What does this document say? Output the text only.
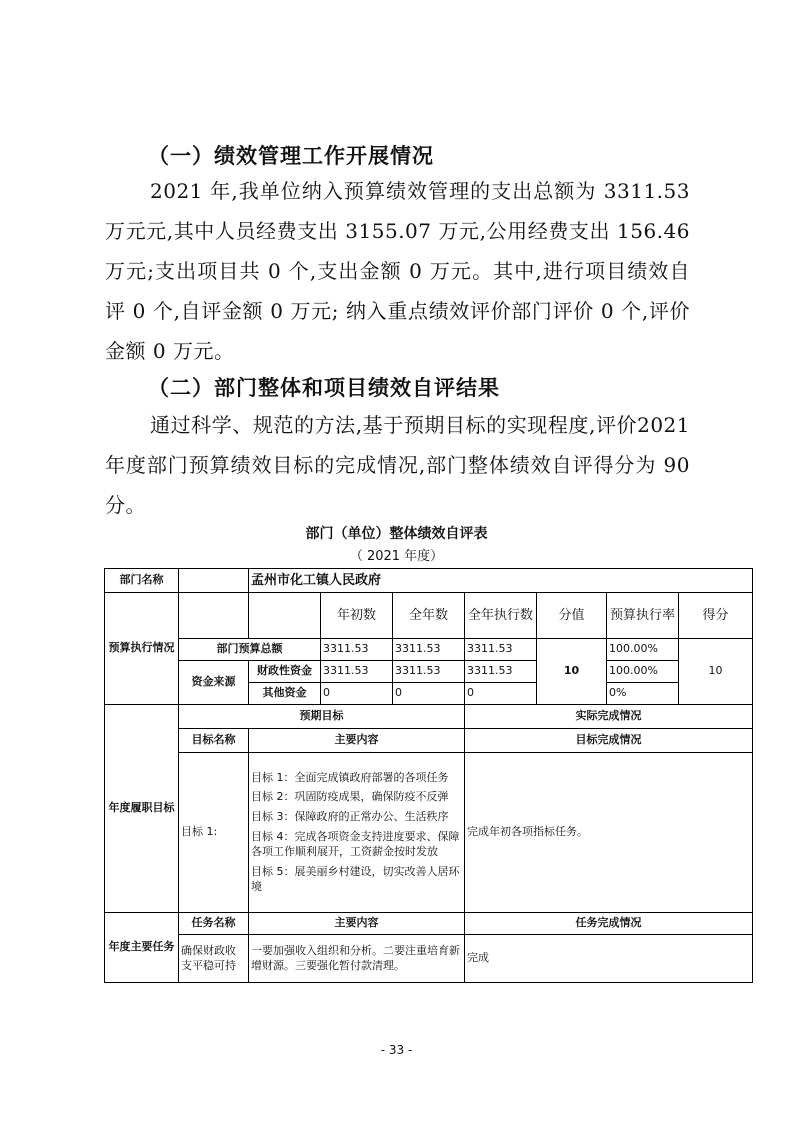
（一）绩效管理工作开展情况
2021 年,我单位纳入预算绩效管理的支出总额为 3311.53 万元元,其中人员经费支出 3155.07 万元,公用经费支出 156.46 万元;支出项目共 0 个,支出金额 0 万元。其中,进行项目绩效自评 0 个,自评金额 0 万元; 纳入重点绩效评价部门评价 0 个,评价金额 0 万元。
（二）部门整体和项目绩效自评结果
通过科学、规范的方法,基于预期目标的实现程度,评价2021年度部门预算绩效目标的完成情况,部门整体绩效自评得分为 90 分。
部门（单位）整体绩效自评表
（ 2021 年度）
部门名称		孟州市化工镇人民政府						
预算执行情况			年初数	全年数	全年执行数	分值	预算执行率	得分
	部门预算总额		3311.53	3311.53	3311.53	10	100.00%	10
	资金来源	财政性资金	3311.53	3311.53	3311.53		100.00%	
		其他资金	0	0	0		0%	
年度履职目标	预期目标				实际完成情况			
	目标名称	主要内容			目标完成情况			
	目标 1:	目标 1：全面完成镇政府部署的各项任务
目标 2：巩固防疫成果，确保防疫不反弹
目标 3：保障政府的正常办公、生活秩序
目标 4：完成各项资金支持进度要求、保障各项工作顺利展开，工资薪金按时发放
目标 5：展美丽乡村建设，切实改善人居环境			完成年初各项指标任务。			
年度主要任务	任务名称	主要内容			任务完成情况			
	确保财政收支平稳可持	一要加强收入组织和分析。二要注重培育新增财源。三要强化暂付款清理。			完成			
- 33 -
